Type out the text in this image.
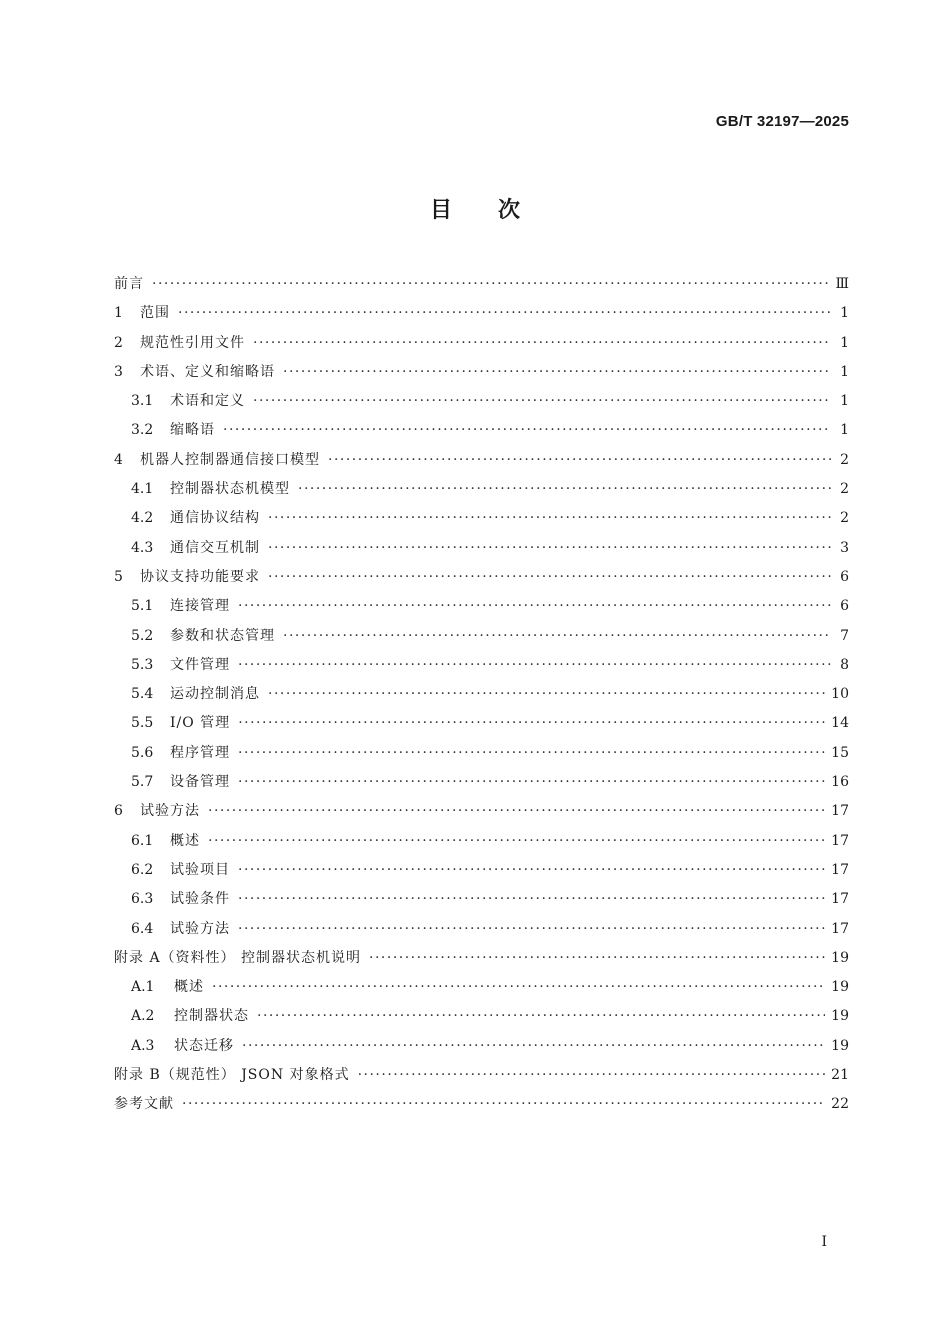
GB/T 32197—2025
目 次
前言 ·····	Ⅲ
1	范围 ·····	1
2	规范性引用文件 ·····	1
3	术语、定义和缩略语 ·····	1
3.1	术语和定义 ·····	1
3.2	缩略语 ·····	1
4	机器人控制器通信接口模型 ·····	2
4.1	控制器状态机模型 ·····	2
4.2	通信协议结构 ·····	2
4.3	通信交互机制 ·····	3
5	协议支持功能要求 ·····	6
5.1	连接管理 ·····	6
5.2	参数和状态管理 ·····	7
5.3	文件管理 ·····	8
5.4	运动控制消息 ·····	10
5.5	I/O 管理 ·····	14
5.6	程序管理 ·····	15
5.7	设备管理 ·····	16
6	试验方法 ·····	17
6.1	概述 ·····	17
6.2	试验项目 ·····	17
6.3	试验条件 ·····	17
6.4	试验方法 ·····	17
附录 A（资料性） 控制器状态机说明 ·····	19
A.1	概述 ·····	19
A.2	控制器状态 ·····	19
A.3	状态迁移 ·····	19
附录 B（规范性） JSON 对象格式 ·····	21
参考文献 ·····	22
I
